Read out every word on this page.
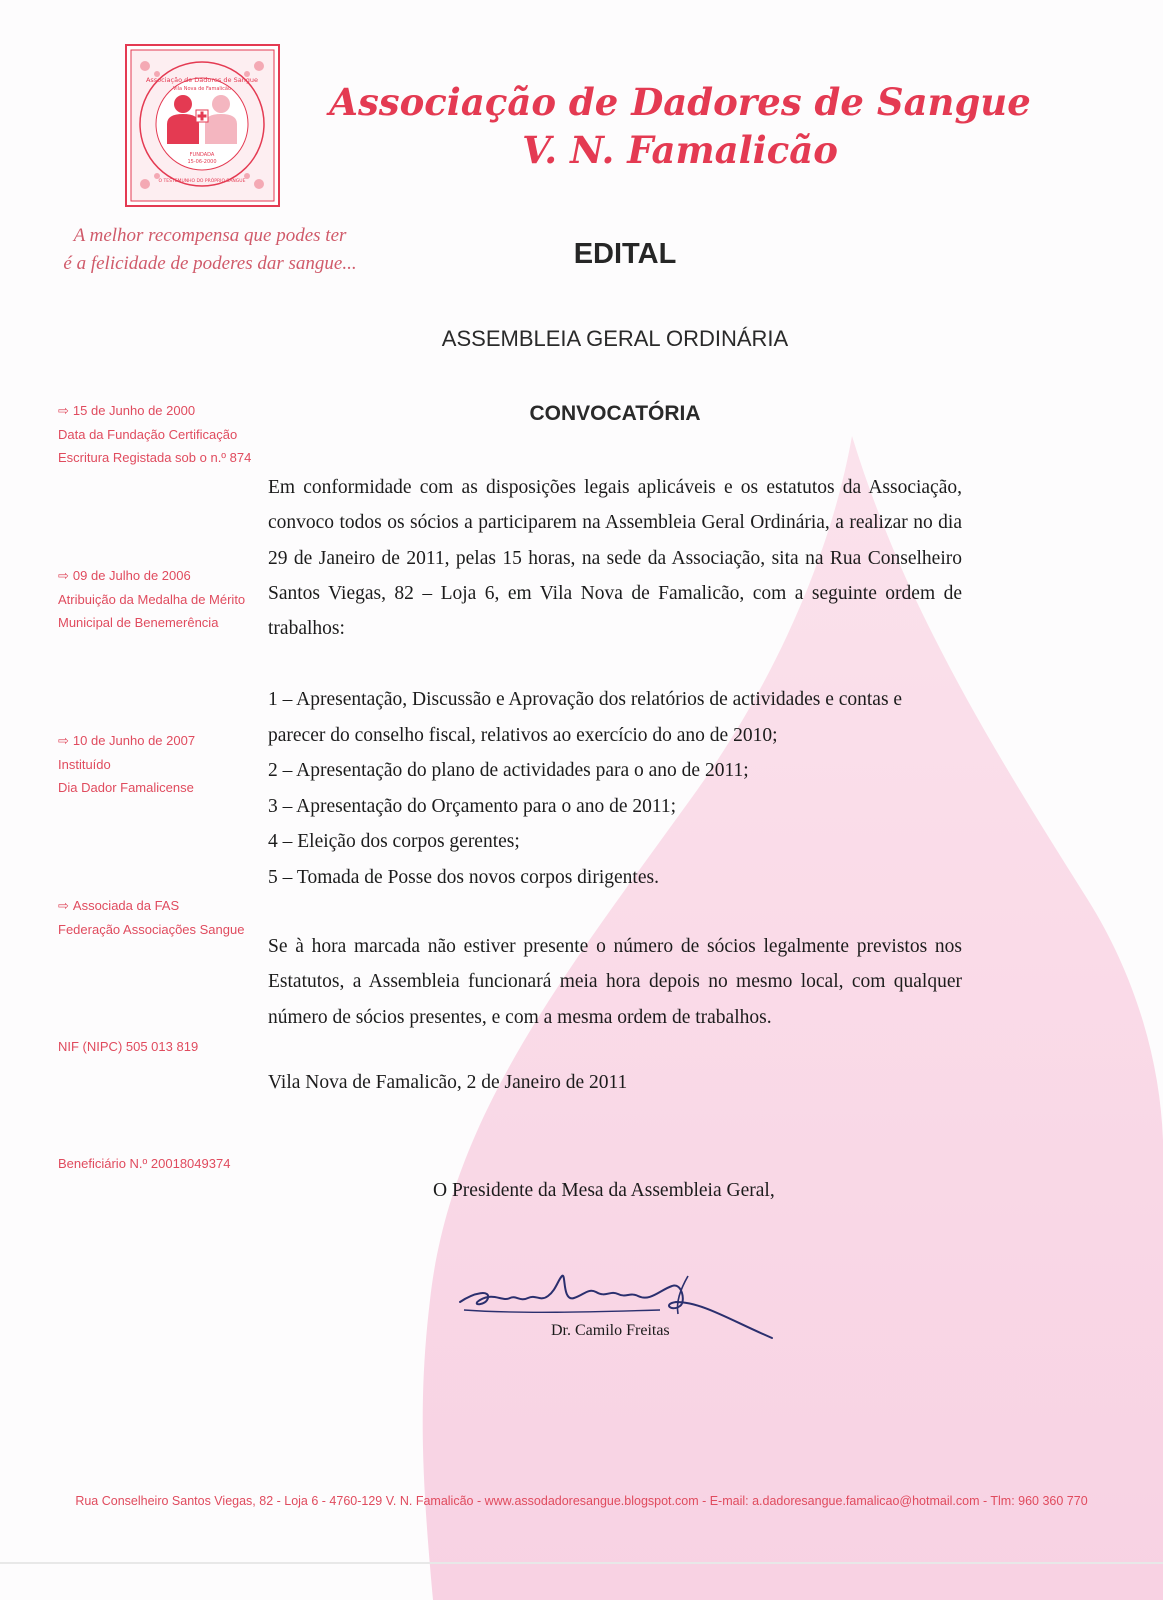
Associação de Dadores de Sangue
Vila Nova de Famalicão
FUNDADA
15-06-2000
O TESTEMUNHO DO PRÓPRIO SANGUE
Associação de Dadores de Sangue
V. N. Famalicão
A melhor recompensa que podes ter
é a felicidade de poderes dar sangue...	EDITAL
ASSEMBLEIA GERAL ORDINÁRIA
CONVOCATÓRIA
⇨ 15 de Junho de 2000
Data da Fundação Certificação
Escritura Registada sob o n.º 874
⇨ 09 de Julho de 2006
Atribuição da Medalha de Mérito
Municipal de Benemerência
⇨ 10 de Junho de 2007
Instituído
Dia Dador Famalicense
⇨ Associada da FAS
Federação Associações Sangue
NIF (NIPC) 505 013 819
Beneficiário N.º 20018049374
Em conformidade com as disposições legais aplicáveis e os estatutos da Associação, convoco todos os sócios a participarem na Assembleia Geral Ordinária, a realizar no dia 29 de Janeiro de 2011, pelas 15 horas, na sede da Associação, sita na Rua Conselheiro Santos Viegas, 82 – Loja 6, em Vila Nova de Famalicão, com a seguinte ordem de trabalhos:
1 – Apresentação, Discussão e Aprovação dos relatórios de actividades e contas e
parecer do conselho fiscal, relativos ao exercício do ano de 2010;
2 – Apresentação do plano de actividades para o ano de 2011;
3 – Apresentação do Orçamento para o ano de 2011;
4 – Eleição dos corpos gerentes;
5 – Tomada de Posse dos novos corpos dirigentes.
Se à hora marcada não estiver presente o número de sócios legalmente previstos nos Estatutos, a Assembleia funcionará meia hora depois no mesmo local, com qualquer número de sócios presentes, e com a mesma ordem de trabalhos.
Vila Nova de Famalicão, 2 de Janeiro de 2011
O Presidente da Mesa da Assembleia Geral,
Dr. Camilo Freitas
Rua Conselheiro Santos Viegas, 82 - Loja 6 - 4760-129 V. N. Famalicão - www.assodadoresangue.blogspot.com - E-mail: a.dadoresangue.famalicao@hotmail.com - Tlm: 960 360 770
